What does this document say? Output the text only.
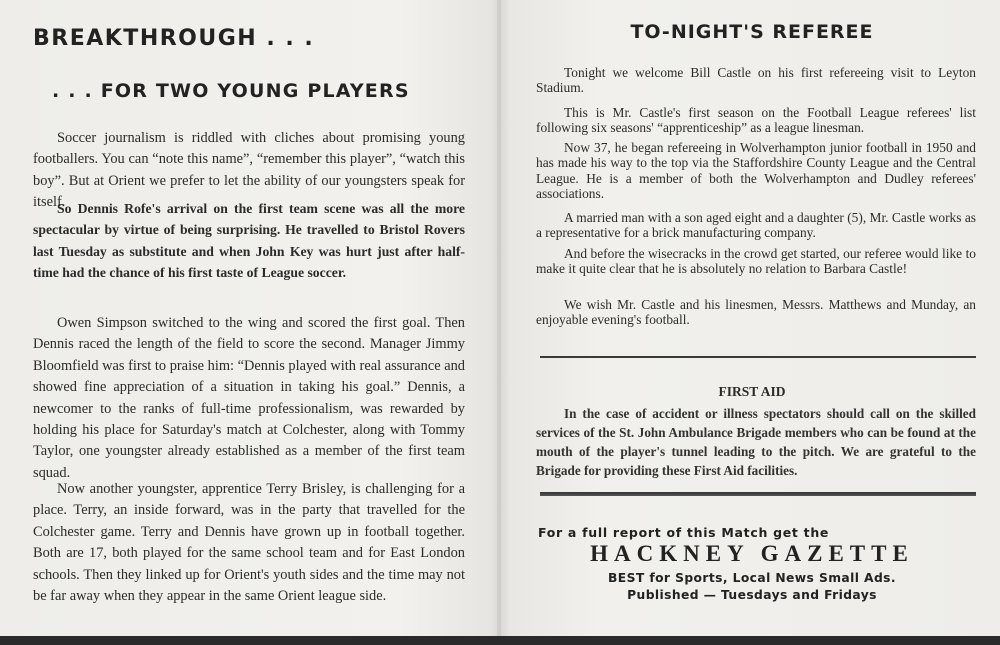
BREAKTHROUGH . . .
. . . FOR TWO YOUNG PLAYERS

Soccer journalism is riddled with cliches about promising young footballers. You can “note this name”, “remember this player”, “watch this boy”. But at Orient we prefer to let the ability of our youngsters speak for itself.

So Dennis Rofe's arrival on the first team scene was all the more spectacular by virtue of being surprising. He travelled to Bristol Rovers last Tuesday as substitute and when John Key was hurt just after half-time had the chance of his first taste of League soccer.

Owen Simpson switched to the wing and scored the first goal. Then Dennis raced the length of the field to score the second. Manager Jimmy Bloomfield was first to praise him: “Dennis played with real assurance and showed fine appreciation of a situation in taking his goal.” Dennis, a newcomer to the ranks of full-time professionalism, was rewarded by holding his place for Saturday's match at Colchester, along with Tommy Taylor, one youngster already established as a member of the first team squad.

Now another youngster, apprentice Terry Brisley, is challenging for a place. Terry, an inside forward, was in the party that travelled for the Colchester game. Terry and Dennis have grown up in football together. Both are 17, both played for the same school team and for East London schools. Then they linked up for Orient's youth sides and the time may not be far away when they appear in the same Orient league side.

TO-NIGHT'S REFEREE

Tonight we welcome Bill Castle on his first refereeing visit to Leyton Stadium.

This is Mr. Castle's first season on the Football League referees' list following six seasons' “apprenticeship” as a league linesman.

Now 37, he began refereeing in Wolverhampton junior football in 1950 and has made his way to the top via the Staffordshire County League and the Central League. He is a member of both the Wolverhampton and Dudley referees' associations.

A married man with a son aged eight and a daughter (5), Mr. Castle works as a representative for a brick manufacturing company.

And before the wisecracks in the crowd get started, our referee would like to make it quite clear that he is absolutely no relation to Barbara Castle!

We wish Mr. Castle and his linesmen, Messrs. Matthews and Munday, an enjoyable evening's football.

FIRST AID

In the case of accident or illness spectators should call on the skilled services of the St. John Ambulance Brigade members who can be found at the mouth of the player's tunnel leading to the pitch. We are grateful to the Brigade for providing these First Aid facilities.

For a full report of this Match get the
HACKNEY GAZETTE
BEST for Sports, Local News Small Ads.
Published — Tuesdays and Fridays
